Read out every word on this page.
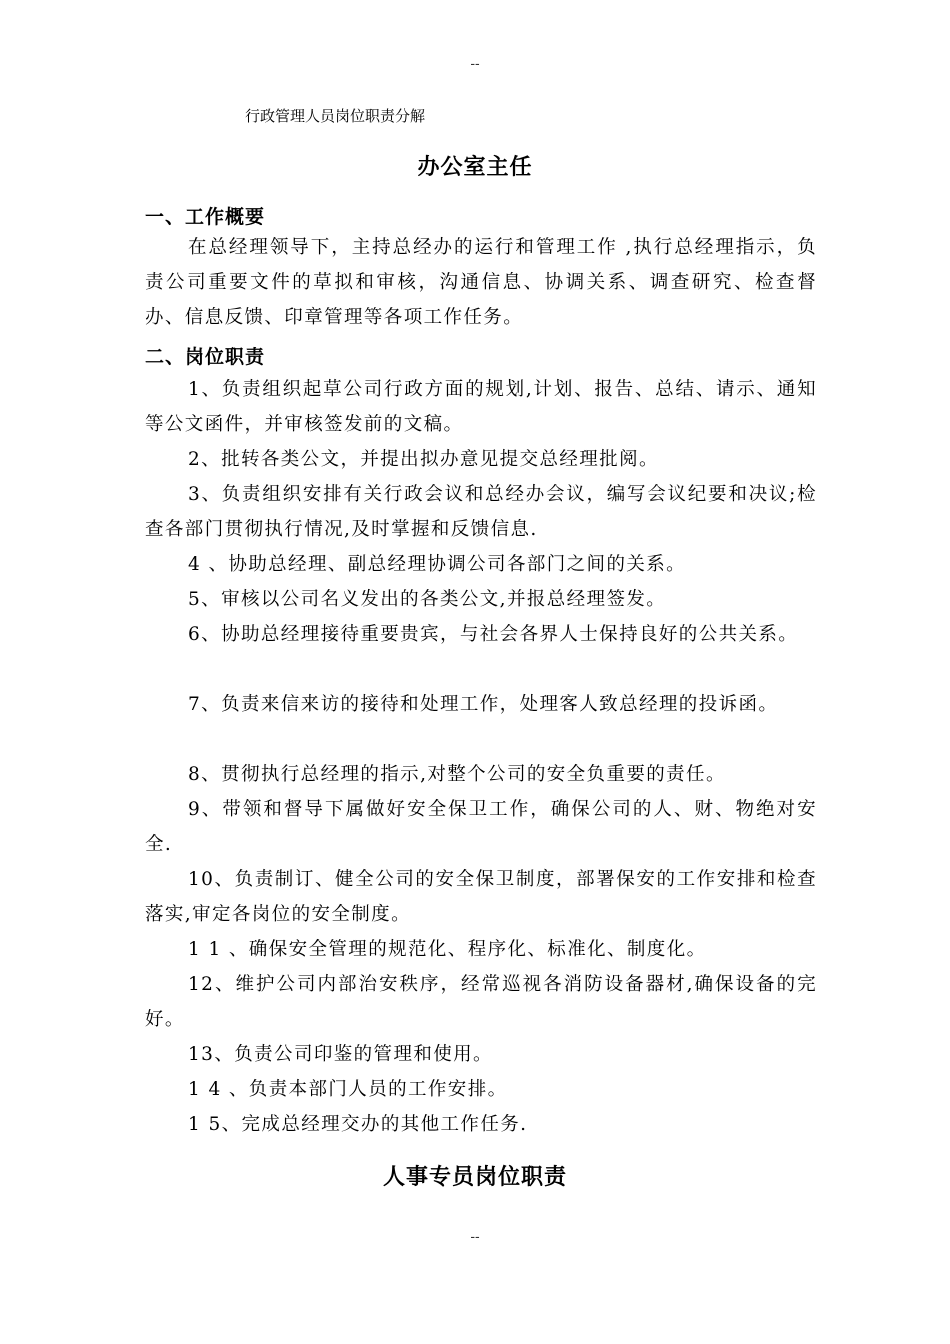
--
行政管理人员岗位职责分解
办公室主任
一、工作概要

在总经理领导下，主持总经办的运行和管理工作 ,执行总经理指示，负责公司重要文件的草拟和审核，沟通信息、协调关系、调查研究、检查督办、信息反馈、印章管理等各项工作任务。

二、岗位职责

1、负责组织起草公司行政方面的规划,计划、报告、总结、请示、通知等公文函件，并审核签发前的文稿。

2、批转各类公文，并提出拟办意见提交总经理批阅。

3、负责组织安排有关行政会议和总经办会议，编写会议纪要和决议;检查各部门贯彻执行情况,及时掌握和反馈信息.

4 、协助总经理、副总经理协调公司各部门之间的关系。

5、审核以公司名义发出的各类公文,并报总经理签发。

6、协助总经理接待重要贵宾，与社会各界人士保持良好的公共关系。

7、负责来信来访的接待和处理工作，处理客人致总经理的投诉函。

8、贯彻执行总经理的指示,对整个公司的安全负重要的责任。

9、带领和督导下属做好安全保卫工作，确保公司的人、财、物绝对安全.

10、负责制订、健全公司的安全保卫制度，部署保安的工作安排和检查落实,审定各岗位的安全制度。

1 1 、确保安全管理的规范化、程序化、标准化、制度化。

12、维护公司内部治安秩序，经常巡视各消防设备器材,确保设备的完好。

13、负责公司印鉴的管理和使用。

1 4 、负责本部门人员的工作安排。

1 5、完成总经理交办的其他工作任务.

人事专员岗位职责
--
